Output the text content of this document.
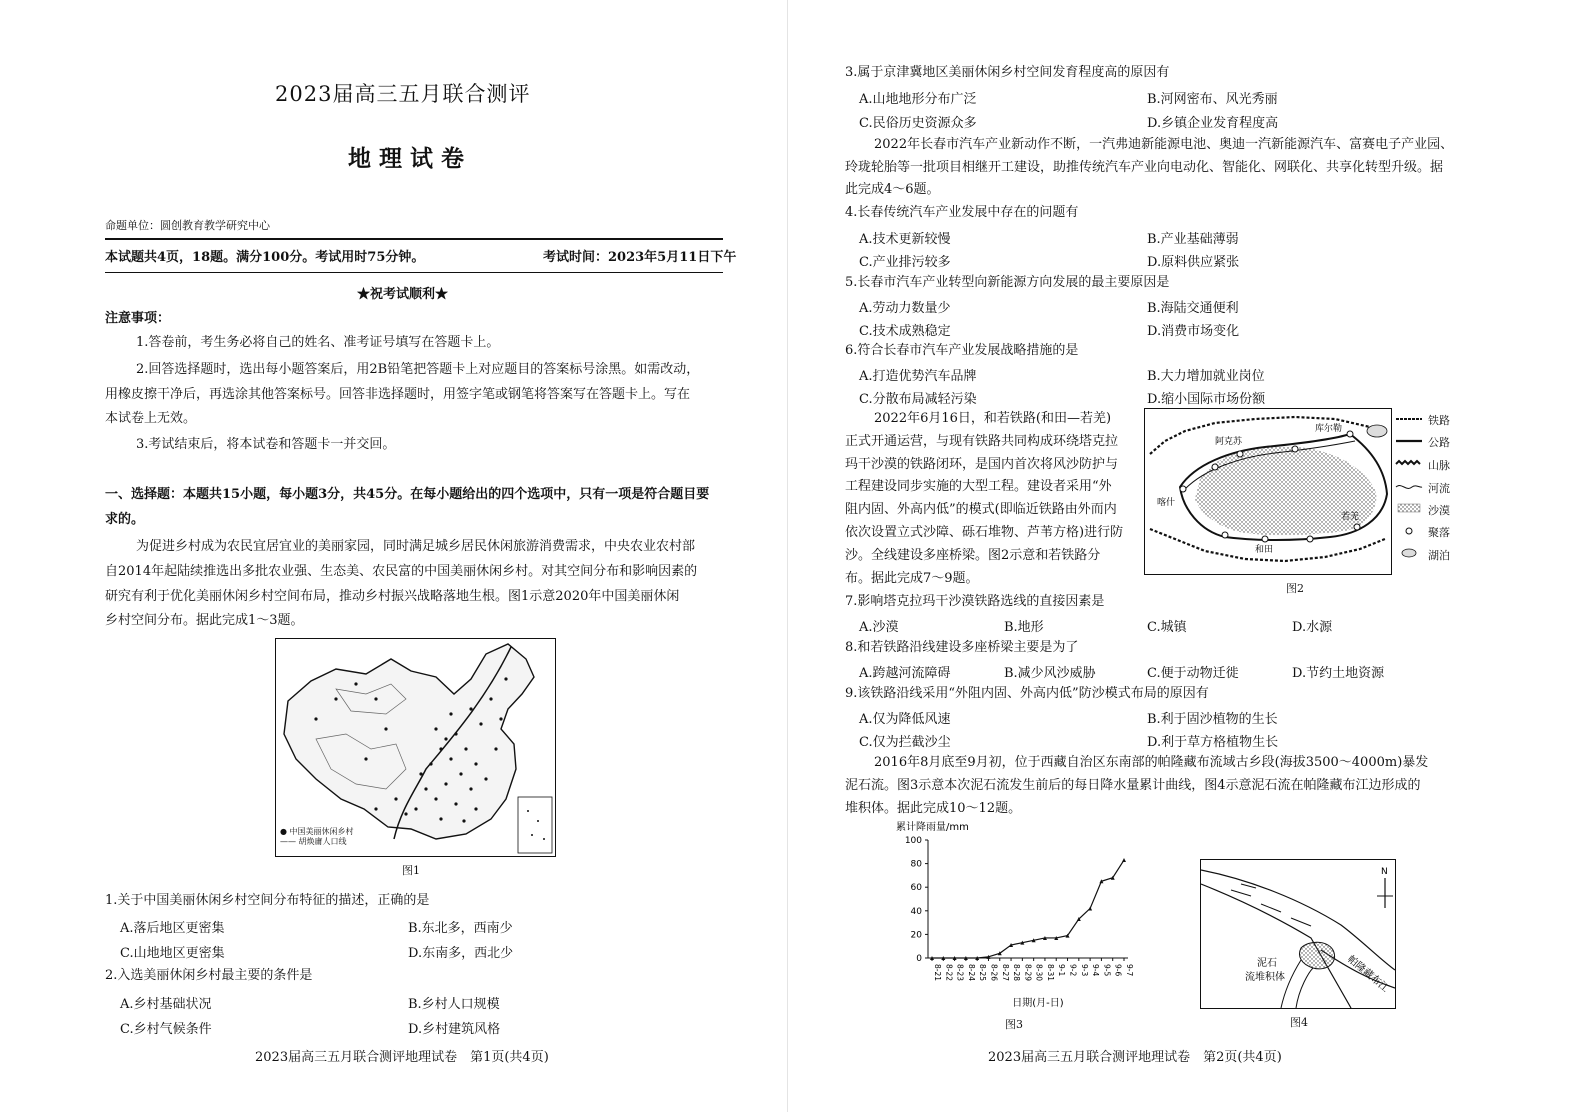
2023届高三五月联合测评
地理试卷
命题单位：圆创教育教学研究中心
本试题共4页，18题。满分100分。考试用时75分钟。	考试时间：2023年5月11日下午
★祝考试顺利★
注意事项：
1.答卷前，考生务必将自己的姓名、准考证号填写在答题卡上。
2.回答选择题时，选出每小题答案后，用2B铅笔把答题卡上对应题目的答案标号涂黑。如需改动，
用橡皮擦干净后，再选涂其他答案标号。回答非选择题时，用签字笔或钢笔将答案写在答题卡上。写在
本试卷上无效。
3.考试结束后，将本试卷和答题卡一并交回。
一、选择题：本题共15小题，每小题3分，共45分。在每小题给出的四个选项中，只有一项是符合题目要
求的。
为促进乡村成为农民宜居宜业的美丽家园，同时满足城乡居民休闲旅游消费需求，中央农业农村部
自2014年起陆续推选出多批农业强、生态美、农民富的中国美丽休闲乡村。对其空间分布和影响因素的
研究有利于优化美丽休闲乡村空间布局，推动乡村振兴战略落地生根。图1示意2020年中国美丽休闲
乡村空间分布。据此完成1～3题。
● 中国美丽休闲乡村
—— 胡焕庸人口线
图1
1.关于中国美丽休闲乡村空间分布特征的描述，正确的是
A.落后地区更密集	B.东北多，西南少
C.山地地区更密集	D.东南多，西北少
2.入选美丽休闲乡村最主要的条件是
A.乡村基础状况	B.乡村人口规模
C.乡村气候条件	D.乡村建筑风格
2023届高三五月联合测评地理试卷　第1页(共4页)
3.属于京津冀地区美丽休闲乡村空间发育程度高的原因有
A.山地地形分布广泛	B.河网密布、风光秀丽
C.民俗历史资源众多	D.乡镇企业发育程度高
2022年长春市汽车产业新动作不断，一汽弗迪新能源电池、奥迪一汽新能源汽车、富赛电子产业园、
玲珑轮胎等一批项目相继开工建设，助推传统汽车产业向电动化、智能化、网联化、共享化转型升级。据
此完成4～6题。
4.长春传统汽车产业发展中存在的问题有
A.技术更新较慢	B.产业基础薄弱
C.产业排污较多	D.原料供应紧张
5.长春市汽车产业转型向新能源方向发展的最主要原因是
A.劳动力数量少	B.海陆交通便利
C.技术成熟稳定	D.消费市场变化
6.符合长春市汽车产业发展战略措施的是
A.打造优势汽车品牌	B.大力增加就业岗位
C.分散布局减轻污染	D.缩小国际市场份额
2022年6月16日，和若铁路(和田—若羌)
正式开通运营，与现有铁路共同构成环绕塔克拉
玛干沙漠的铁路闭环，是国内首次将风沙防护与
工程建设同步实施的大型工程。建设者采用“外
阻内固、外高内低”的模式(即临近铁路由外而内
依次设置立式沙障、砾石堆物、芦苇方格)进行防
沙。全线建设多座桥梁。图2示意和若铁路分
布。据此完成7～9题。
库尔勒
阿克苏
喀什
和田
若羌
铁路
公路
山脉
河流
沙漠
聚落
湖泊
图2
7.影响塔克拉玛干沙漠铁路选线的直接因素是
A.沙漠	B.地形	C.城镇	D.水源
8.和若铁路沿线建设多座桥梁主要是为了
A.跨越河流障碍	B.减少风沙威胁	C.便于动物迁徙	D.节约土地资源
9.该铁路沿线采用“外阻内固、外高内低”防沙模式布局的原因有
A.仅为降低风速	B.利于固沙植物的生长
C.仅为拦截沙尘	D.利于草方格植物生长
2016年8月底至9月初，位于西藏自治区东南部的帕隆藏布流域古乡段(海拔3500～4000m)暴发
泥石流。图3示意本次泥石流发生前后的每日降水量累计曲线，图4示意泥石流在帕隆藏布江边形成的
堆积体。据此完成10～12题。
累计降雨量/mm
0
20
40
60
80
100
8-21 8-22 8-23 8-24 8-25 8-26 8-27 8-28 8-29 8-30 8-31 9-1 9-2 9-3 9-4 9-5 9-6 9-7
日期(月-日)
图3
N
泥石
流堆积体	帕隆藏布江
图4
2023届高三五月联合测评地理试卷　第2页(共4页)
